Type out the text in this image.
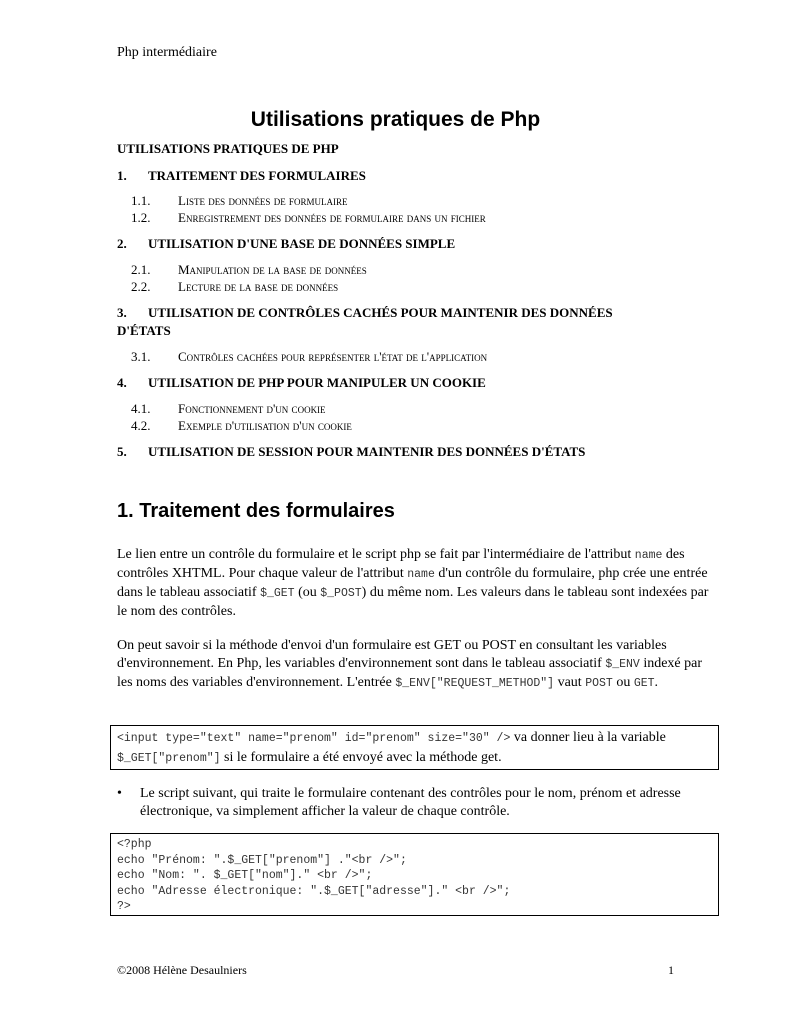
Php intermédiaire
Utilisations pratiques de Php
UTILISATIONS PRATIQUES DE PHP
1. TRAITEMENT DES FORMULAIRES
1.1. Liste des données de formulaire
1.2. Enregistrement des données de formulaire dans un fichier
2. UTILISATION D'UNE BASE DE DONNÉES SIMPLE
2.1. Manipulation de la base de données
2.2. Lecture de la base de données
3. UTILISATION DE CONTRÔLES CACHÉS POUR MAINTENIR DES DONNÉES
D'ÉTATS
3.1. Contrôles cachées pour représenter l'état de l'application
4. UTILISATION DE PHP POUR MANIPULER UN COOKIE
4.1. Fonctionnement d'un cookie
4.2. Exemple d'utilisation d'un cookie
5. UTILISATION DE SESSION POUR MAINTENIR DES DONNÉES D'ÉTATS
1. Traitement des formulaires
Le lien entre un contrôle du formulaire et le script php se fait par l'intermédiaire de l'attribut name des contrôles XHTML. Pour chaque valeur de l'attribut name d'un contrôle du formulaire, php crée une entrée dans le tableau associatif $_GET (ou $_POST) du même nom. Les valeurs dans le tableau sont indexées par le nom des contrôles.
On peut savoir si la méthode d'envoi d'un formulaire est GET ou POST en consultant les variables d'environnement. En Php, les variables d'environnement sont dans le tableau associatif $_ENV indexé par les noms des variables d'environnement. L'entrée $_ENV["REQUEST_METHOD"] vaut POST ou GET.
<input type="text" name="prenom" id="prenom" size="30" /> va donner lieu à la variable $_GET["prenom"] si le formulaire a été envoyé avec la méthode get.
• Le script suivant, qui traite le formulaire contenant des contrôles pour le nom, prénom et adresse électronique, va simplement afficher la valeur de chaque contrôle.
<?php
echo "Prénom: ".$_GET["prenom"] ."<br />";
echo "Nom: ". $_GET["nom"]." <br />";
echo "Adresse électronique: ".$_GET["adresse"]." <br />";
?>
©2008 Hélène Desaulniers	1
